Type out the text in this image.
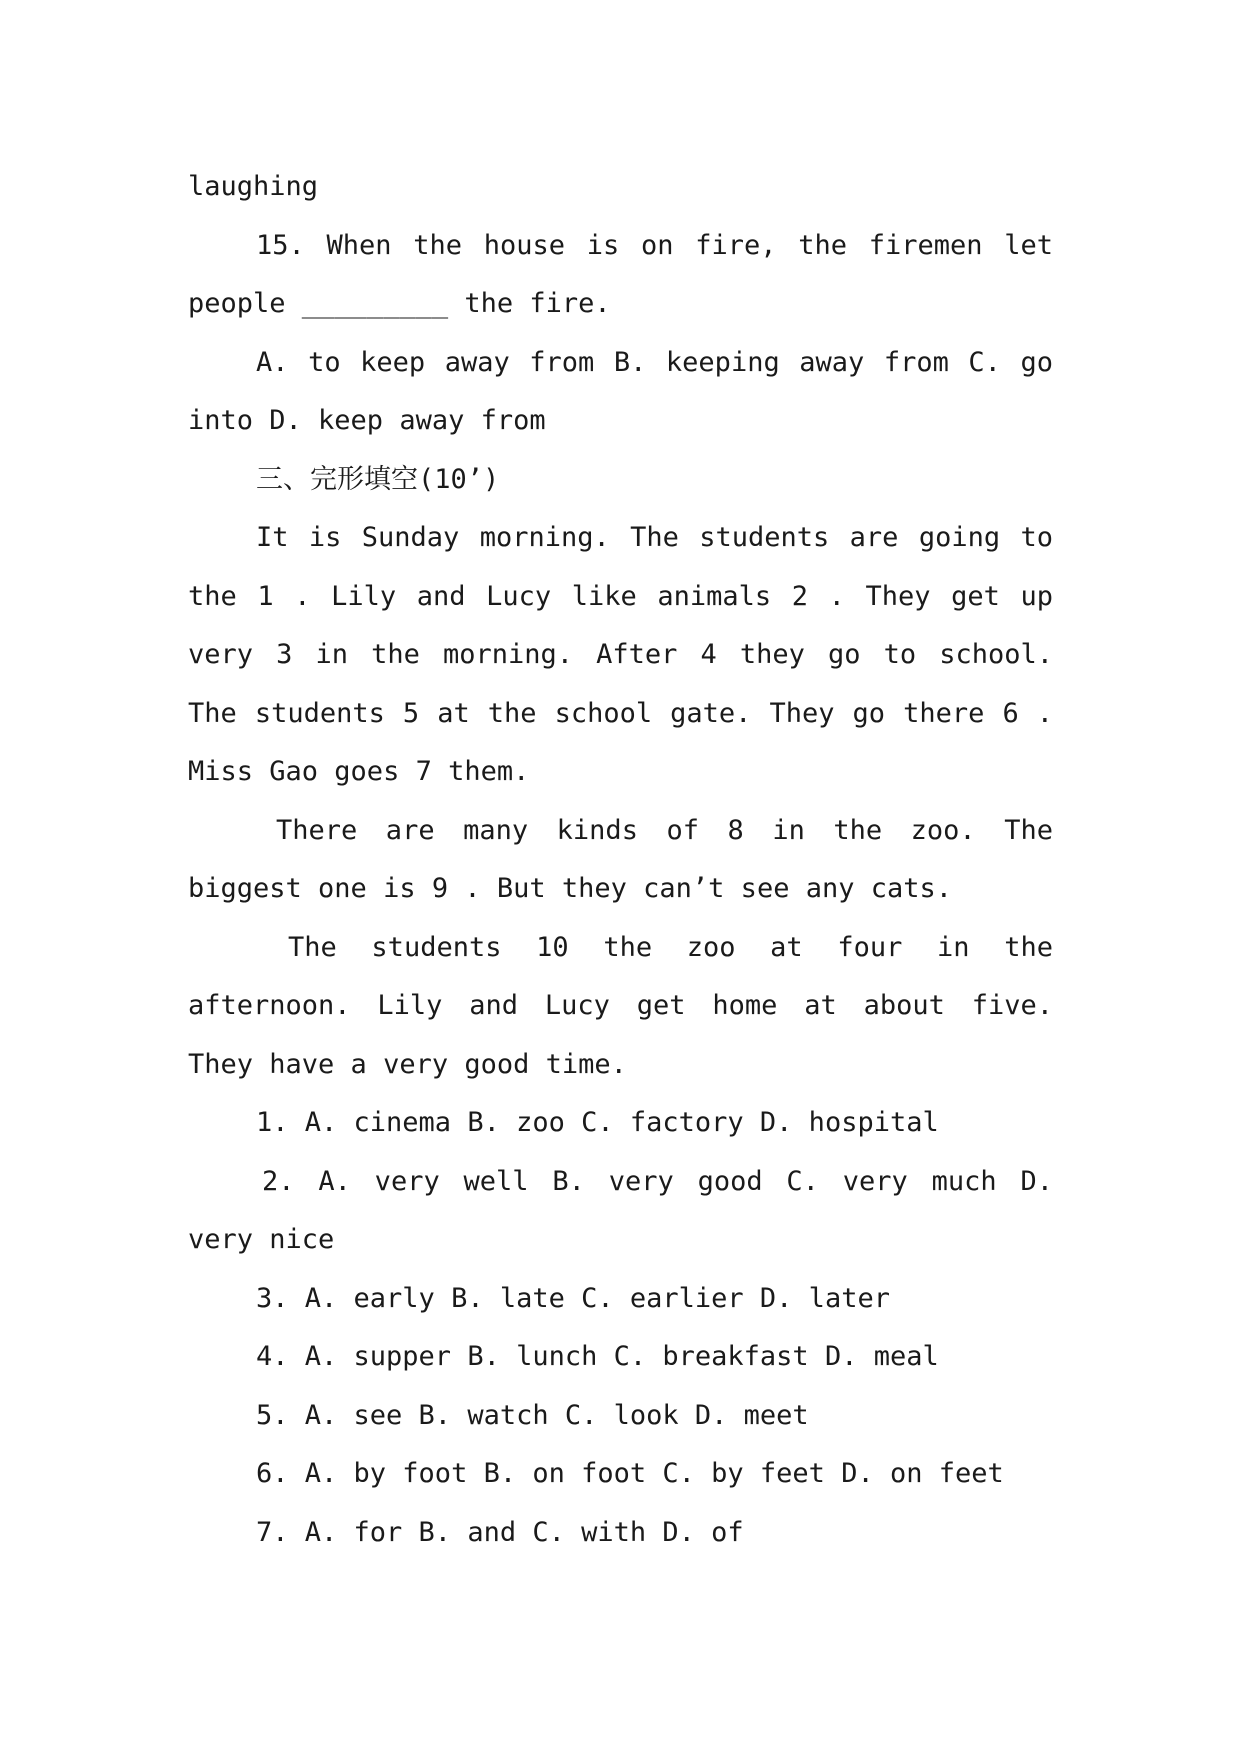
laughing
15. When the house is on fire, the firemen let
people _________ the fire.
A. to keep away from B. keeping away from C. go
into D. keep away from
三、完形填空(10’)
It is Sunday morning. The students are going to
the 1 . Lily and Lucy like animals 2 . They get up
very 3 in the morning. After 4 they go to school.
The students 5 at the school gate. They go there 6 .
Miss Gao goes 7 them.
There are many kinds of 8 in the zoo. The
biggest one is 9 . But they can’t see any cats.
The students 10 the zoo at four in the
afternoon. Lily and Lucy get home at about five.
They have a very good time.
1. A. cinema B. zoo C. factory D. hospital
2. A. very well B. very good C. very much D.
very nice
3. A. early B. late C. earlier D. later
4. A. supper B. lunch C. breakfast D. meal
5. A. see B. watch C. look D. meet
6. A. by foot B. on foot C. by feet D. on feet
7. A. for B. and C. with D. of
